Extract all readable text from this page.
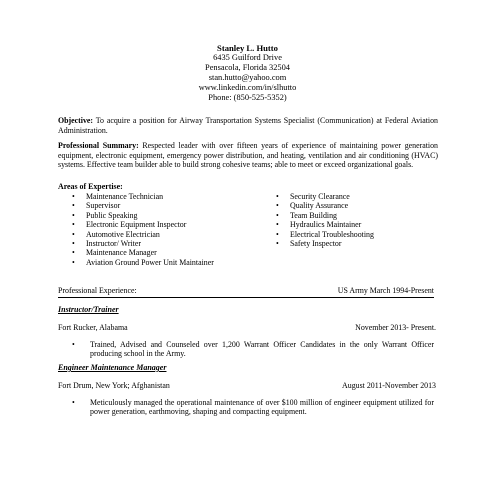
Stanley L. Hutto
6435 Guilford Drive
Pensacola, Florida 32504
stan.hutto@yahoo.com
www.linkedin.com/in/slhutto
Phone: (850-525-5352)
Objective: To acquire a position for Airway Transportation Systems Specialist (Communication) at Federal Aviation Administration.
Professional Summary: Respected leader with over fifteen years of experience of maintaining power generation equipment, electronic equipment, emergency power distribution, and heating, ventilation and air conditioning (HVAC) systems. Effective team builder able to build strong cohesive teams; able to meet or exceed organizational goals.
Areas of Expertise:
•	Maintenance Technician
•	Supervisor
•	Public Speaking
•	Electronic Equipment Inspector
•	Automotive Electrician
•	Instructor/ Writer
•	Maintenance Manager
•	Aviation Ground Power Unit Maintainer
•	Security Clearance
•	Quality Assurance
•	Team Building
•	Hydraulics Maintainer
•	Electrical Troubleshooting
•	Safety Inspector
Professional Experience:	US Army March 1994-Present
Instructor/Trainer
Fort Rucker, Alabama	November 2013- Present.
•	Trained, Advised and Counseled over 1,200 Warrant Officer Candidates in the only Warrant Officer producing school in the Army.
Engineer Maintenance Manager
Fort Drum, New York; Afghanistan	August 2011-November 2013
•	Meticulously managed the operational maintenance of over $100 million of engineer equipment utilized for power generation, earthmoving, shaping and compacting equipment.
